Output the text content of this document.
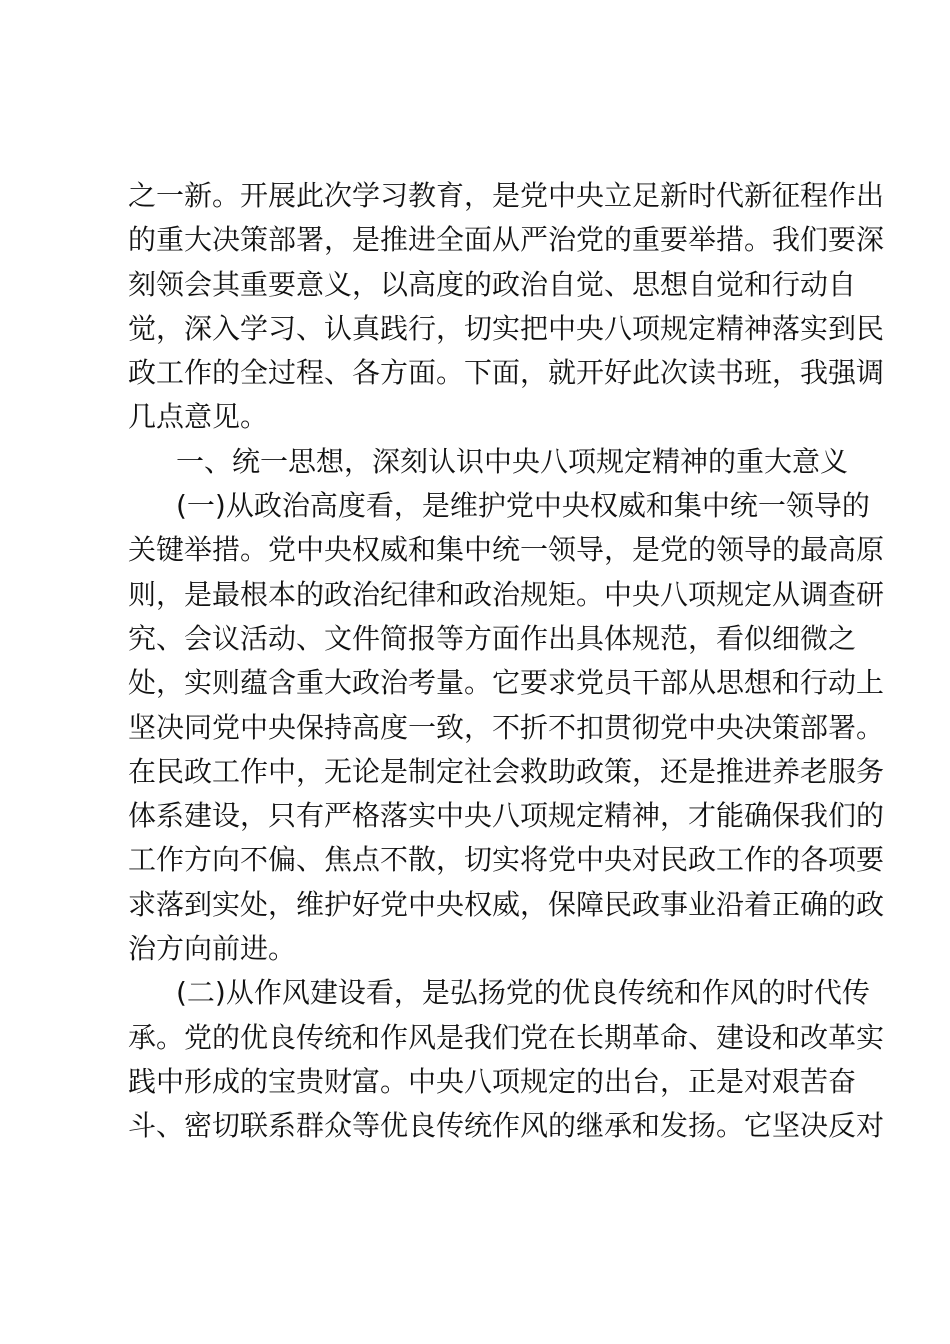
之一新。开展此次学习教育，是党中央立足新时代新征程作出
的重大决策部署，是推进全面从严治党的重要举措。我们要深
刻领会其重要意义，以高度的政治自觉、思想自觉和行动自
觉，深入学习、认真践行，切实把中央八项规定精神落实到民
政工作的全过程、各方面。下面，就开好此次读书班，我强调
几点意见。
一、统一思想，深刻认识中央八项规定精神的重大意义
(一)从政治高度看，是维护党中央权威和集中统一领导的
关键举措。党中央权威和集中统一领导，是党的领导的最高原
则，是最根本的政治纪律和政治规矩。中央八项规定从调查研
究、会议活动、文件简报等方面作出具体规范，看似细微之
处，实则蕴含重大政治考量。它要求党员干部从思想和行动上
坚决同党中央保持高度一致，不折不扣贯彻党中央决策部署。
在民政工作中，无论是制定社会救助政策，还是推进养老服务
体系建设，只有严格落实中央八项规定精神，才能确保我们的
工作方向不偏、焦点不散，切实将党中央对民政工作的各项要
求落到实处，维护好党中央权威，保障民政事业沿着正确的政
治方向前进。
(二)从作风建设看，是弘扬党的优良传统和作风的时代传
承。党的优良传统和作风是我们党在长期革命、建设和改革实
践中形成的宝贵财富。中央八项规定的出台，正是对艰苦奋
斗、密切联系群众等优良传统作风的继承和发扬。它坚决反对
